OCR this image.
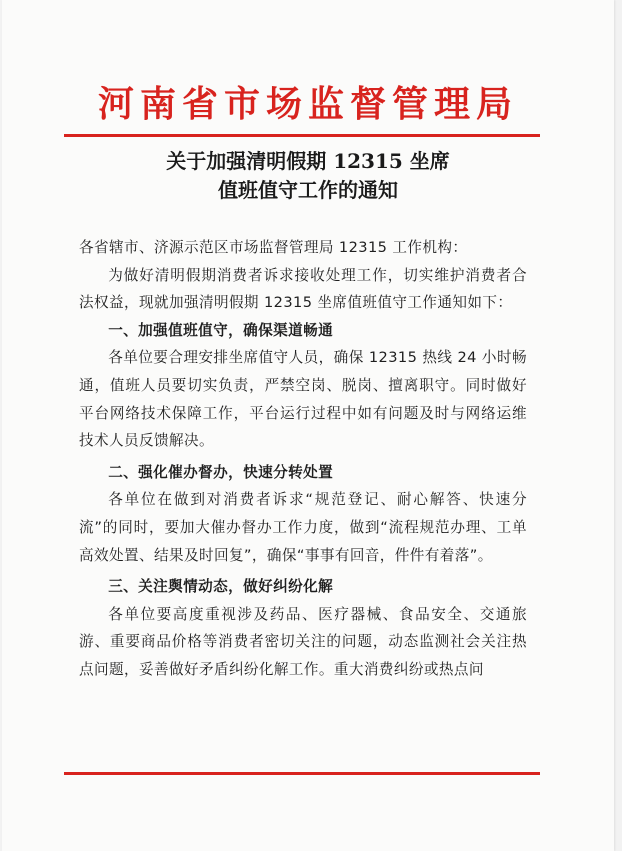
河南省市场监督管理局
关于加强清明假期 12315 坐席
值班值守工作的通知

各省辖市、济源示范区市场监督管理局 12315 工作机构：

为做好清明假期消费者诉求接收处理工作，切实维护消费者合法权益，现就加强清明假期 12315 坐席值班值守工作通知如下：

一、加强值班值守，确保渠道畅通

各单位要合理安排坐席值守人员，确保 12315 热线 24 小时畅通，值班人员要切实负责，严禁空岗、脱岗、擅离职守。同时做好平台网络技术保障工作，平台运行过程中如有问题及时与网络运维技术人员反馈解决。

二、强化催办督办，快速分转处置

各单位在做到对消费者诉求“规范登记、耐心解答、快速分流”的同时，要加大催办督办工作力度，做到“流程规范办理、工单高效处置、结果及时回复”，确保“事事有回音，件件有着落”。

三、关注舆情动态，做好纠纷化解

各单位要高度重视涉及药品、医疗器械、食品安全、交通旅游、重要商品价格等消费者密切关注的问题，动态监测社会关注热点问题，妥善做好矛盾纠纷化解工作。重大消费纠纷或热点问
